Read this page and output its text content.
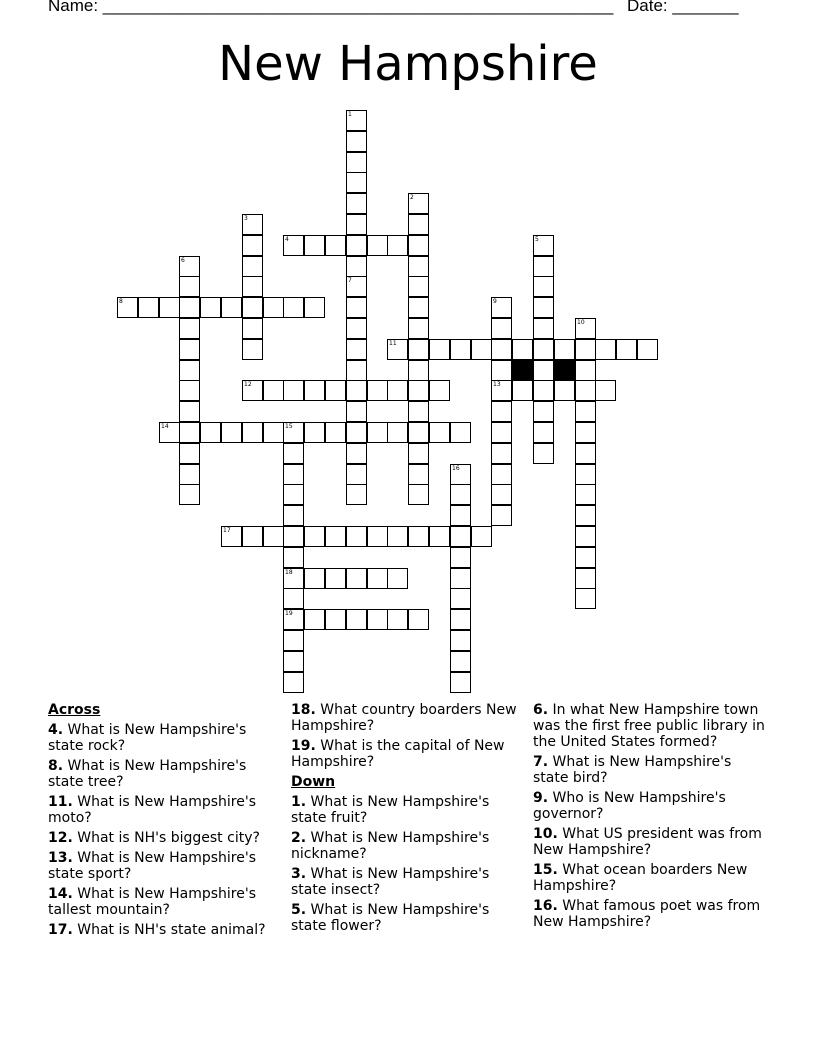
Name: ______________________________________________________ Date: _______
New Hampshire
1
7
2
3
4	5
6
8	9
13
10
11
12
14	15
18
19
16
17
Across
4. What is New Hampshire's state rock?
8. What is New Hampshire's state tree?
11. What is New Hampshire's moto?
12. What is NH's biggest city?
13. What is New Hampshire's state sport?
14. What is New Hampshire's tallest mountain?
17. What is NH's state animal?
18. What country boarders New Hampshire?
19. What is the capital of New Hampshire?
Down
1. What is New Hampshire's state fruit?
2. What is New Hampshire's nickname?
3. What is New Hampshire's state insect?
5. What is New Hampshire's state flower?
6. In what New Hampshire town was the first free public library in the United States formed?
7. What is New Hampshire's state bird?
9. Who is New Hampshire's governor?
10. What US president was from New Hampshire?
15. What ocean boarders New Hampshire?
16. What famous poet was from New Hampshire?
